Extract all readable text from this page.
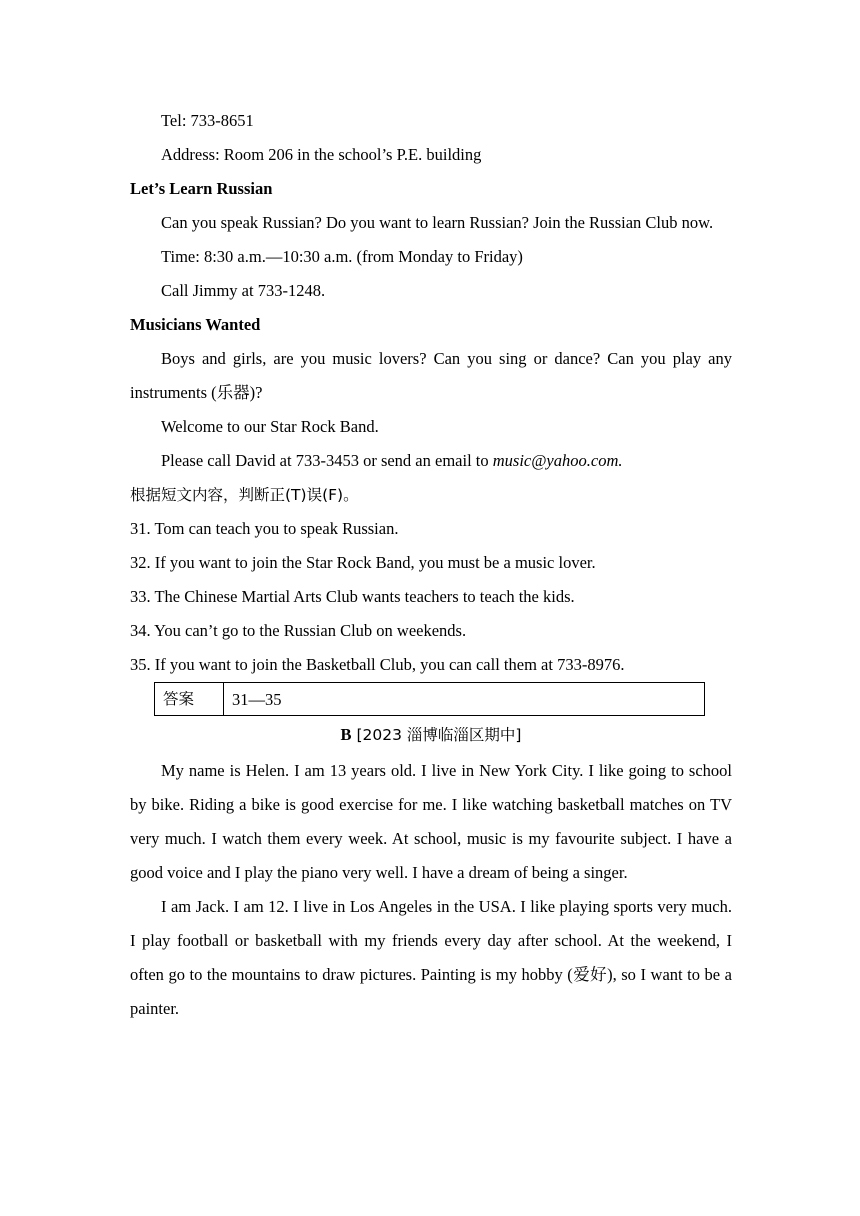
Tel: 733-8651
Address: Room 206 in the school’s P.E. building
Let’s Learn Russian
Can you speak Russian? Do you want to learn Russian? Join the Russian Club now.
Time: 8:30 a.m.—10:30 a.m. (from Monday to Friday)
Call Jimmy at 733-1248.
Musicians Wanted
Boys and girls, are you music lovers? Can you sing or dance? Can you play any instruments (乐器)?
Welcome to our Star Rock Band.
Please call David at 733-3453 or send an email to music@yahoo.com.
根据短文内容，判断正(T)误(F)。
31. Tom can teach you to speak Russian.
32. If you want to join the Star Rock Band, you must be a music lover.
33. The Chinese Martial Arts Club wants teachers to teach the kids.
34. You can’t go to the Russian Club on weekends.
35. If you want to join the Basketball Club, you can call them at 733-8976.
答案	31—35
B [2023 淄博临淄区期中]
My name is Helen. I am 13 years old. I live in New York City. I like going to school by bike. Riding a bike is good exercise for me. I like watching basketball matches on TV very much. I watch them every week. At school, music is my favourite subject. I have a good voice and I play the piano very well. I have a dream of being a singer.
I am Jack. I am 12. I live in Los Angeles in the USA. I like playing sports very much. I play football or basketball with my friends every day after school. At the weekend, I often go to the mountains to draw pictures. Painting is my hobby (爱好), so I want to be a painter.
